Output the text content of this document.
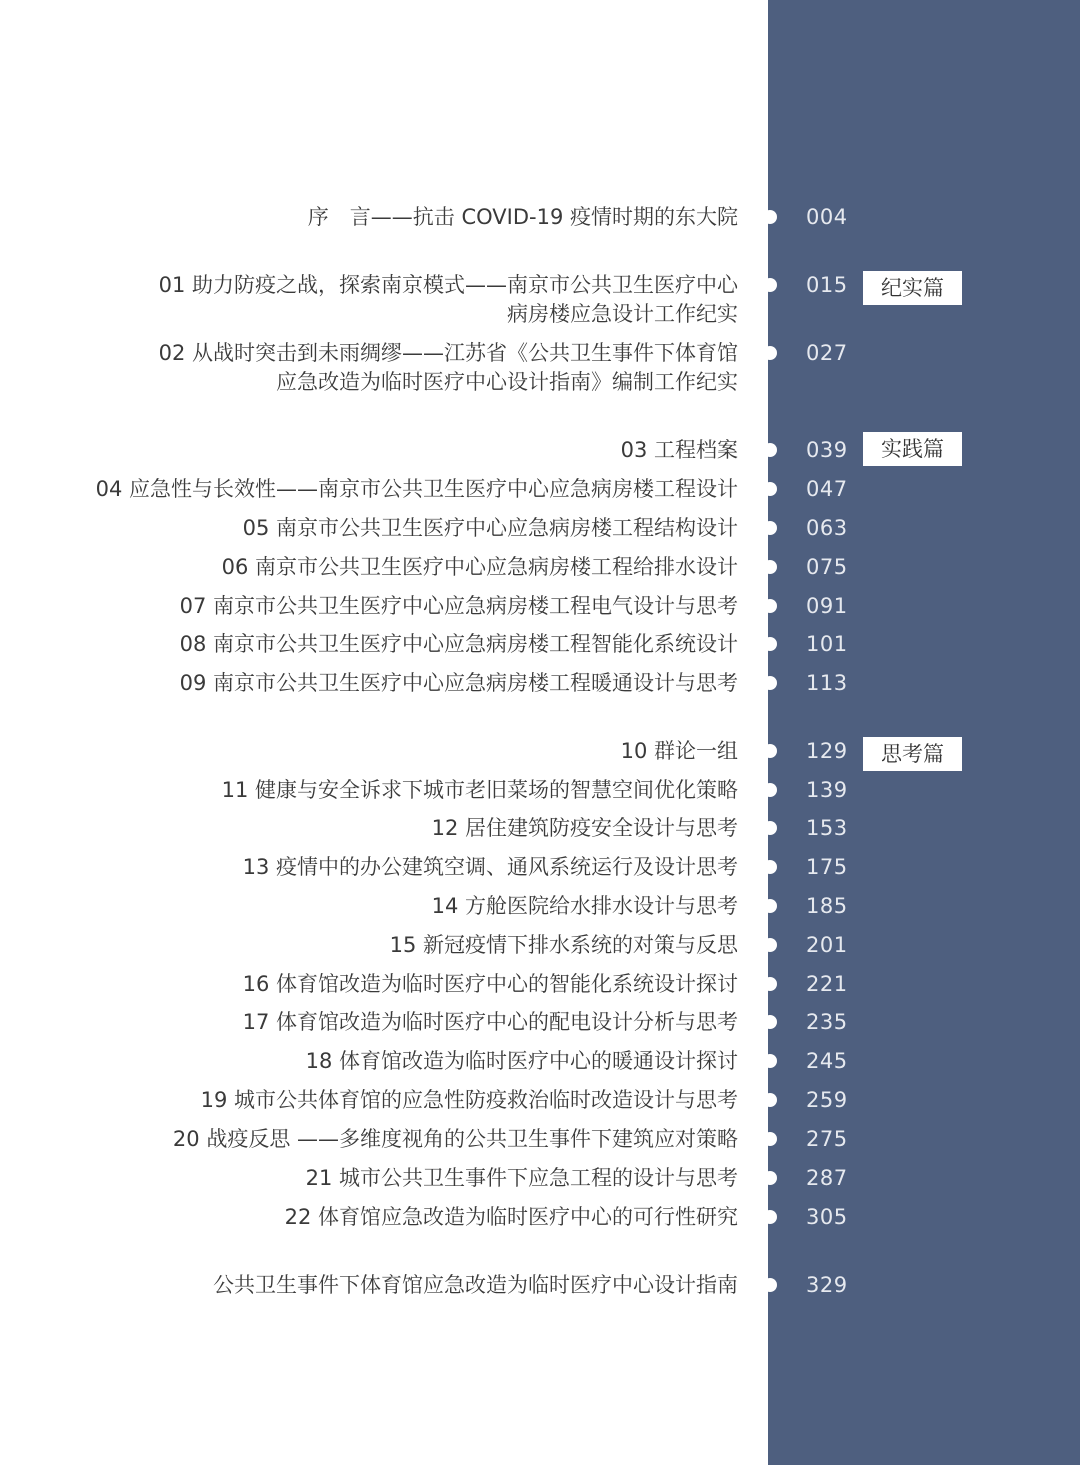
序　言——抗击 COVID-19 疫情时期的东大院	004
01 助力防疫之战，探索南京模式——南京市公共卫生医疗中心
病房楼应急设计工作纪实
015
02 从战时突击到未雨绸缪——江苏省《公共卫生事件下体育馆
应急改造为临时医疗中心设计指南》编制工作纪实
027
03 工程档案	039
04 应急性与长效性——南京市公共卫生医疗中心应急病房楼工程设计	047
05 南京市公共卫生医疗中心应急病房楼工程结构设计	063
06 南京市公共卫生医疗中心应急病房楼工程给排水设计	075
07 南京市公共卫生医疗中心应急病房楼工程电气设计与思考	091
08 南京市公共卫生医疗中心应急病房楼工程智能化系统设计	101
09 南京市公共卫生医疗中心应急病房楼工程暖通设计与思考	113
10 群论一组	129
11 健康与安全诉求下城市老旧菜场的智慧空间优化策略	139
12 居住建筑防疫安全设计与思考	153
13 疫情中的办公建筑空调、通风系统运行及设计思考	175
14 方舱医院给水排水设计与思考	185
15 新冠疫情下排水系统的对策与反思	201
16 体育馆改造为临时医疗中心的智能化系统设计探讨	221
17 体育馆改造为临时医疗中心的配电设计分析与思考	235
18 体育馆改造为临时医疗中心的暖通设计探讨	245
19 城市公共体育馆的应急性防疫救治临时改造设计与思考	259
20 战疫反思 ——多维度视角的公共卫生事件下建筑应对策略	275
21 城市公共卫生事件下应急工程的设计与思考	287
22 体育馆应急改造为临时医疗中心的可行性研究	305
公共卫生事件下体育馆应急改造为临时医疗中心设计指南	329
纪实篇
实践篇
思考篇
